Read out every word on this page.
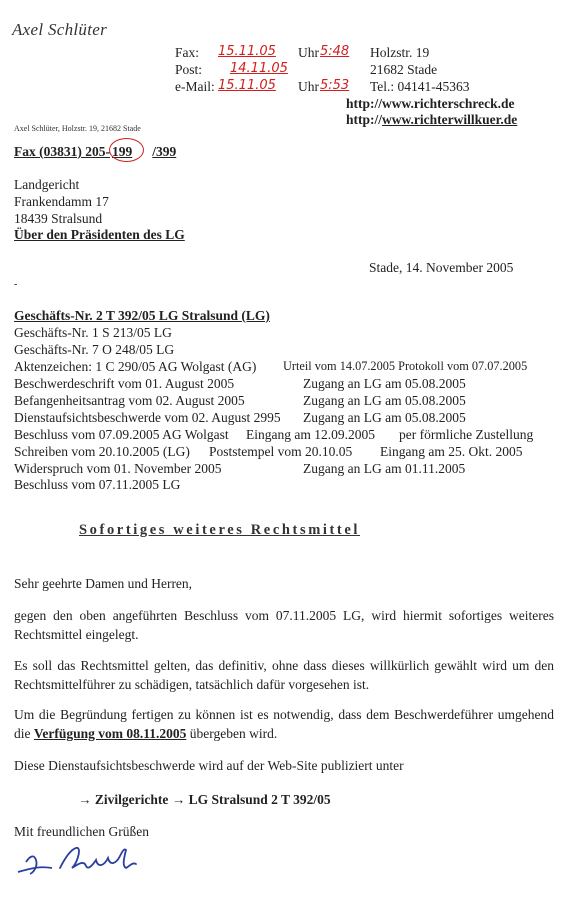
Axel Schlüter
Fax: 15.11.05 Uhr 5:48 Holzstr. 19
Post: 14.11.05	21682 Stade
e-Mail: 15.11.05 Uhr 5:53 Tel.: 04141-45363
http://www.richterschreck.de
http://www.richterwillkuer.de
Axel Schlüter, Holzstr. 19, 21682 Stade
Fax (03831) 205- 199 /399
Landgericht
Frankendamm 17
18439 Stralsund
Über den Präsidenten des LG
Stade, 14. November 2005
-
Geschäfts-Nr. 2 T 392/05 LG Stralsund (LG)
Geschäfts-Nr. 1 S 213/05 LG
Geschäfts-Nr. 7 O 248/05 LG
Aktenzeichen: 1 C 290/05 AG Wolgast (AG) Urteil vom 14.07.2005 Protokoll vom 07.07.2005
Beschwerdeschrift vom 01. August 2005	Zugang an LG am 05.08.2005
Befangenheitsantrag vom 02. August 2005	Zugang an LG am 05.08.2005
Dienstaufsichtsbeschwerde vom 02. August 2995 Zugang an LG am 05.08.2005
Beschluss vom 07.09.2005 AG Wolgast Eingang am 12.09.2005 per förmliche Zustellung
Schreiben vom 20.10.2005 (LG) Poststempel vom 20.10.05 Eingang am 25. Okt. 2005
Widerspruch vom 01. November 2005	Zugang an LG am 01.11.2005
Beschluss vom 07.11.2005 LG
Sofortiges weiteres Rechtsmittel
Sehr geehrte Damen und Herren,
gegen den oben angeführten Beschluss vom 07.11.2005 LG, wird hiermit sofortiges weiteres Rechtsmittel eingelegt.
Es soll das Rechtsmittel gelten, das definitiv, ohne dass dieses willkürlich gewählt wird um den Rechtsmittelführer zu schädigen, tatsächlich dafür vorgesehen ist.
Um die Begründung fertigen zu können ist es notwendig, dass dem Beschwerdeführer umgehend die Verfügung vom 08.11.2005 übergeben wird.
Diese Dienstaufsichtsbeschwerde wird auf der Web-Site publiziert unter
→ Zivilgerichte → LG Stralsund 2 T 392/05
Mit freundlichen Grüßen
